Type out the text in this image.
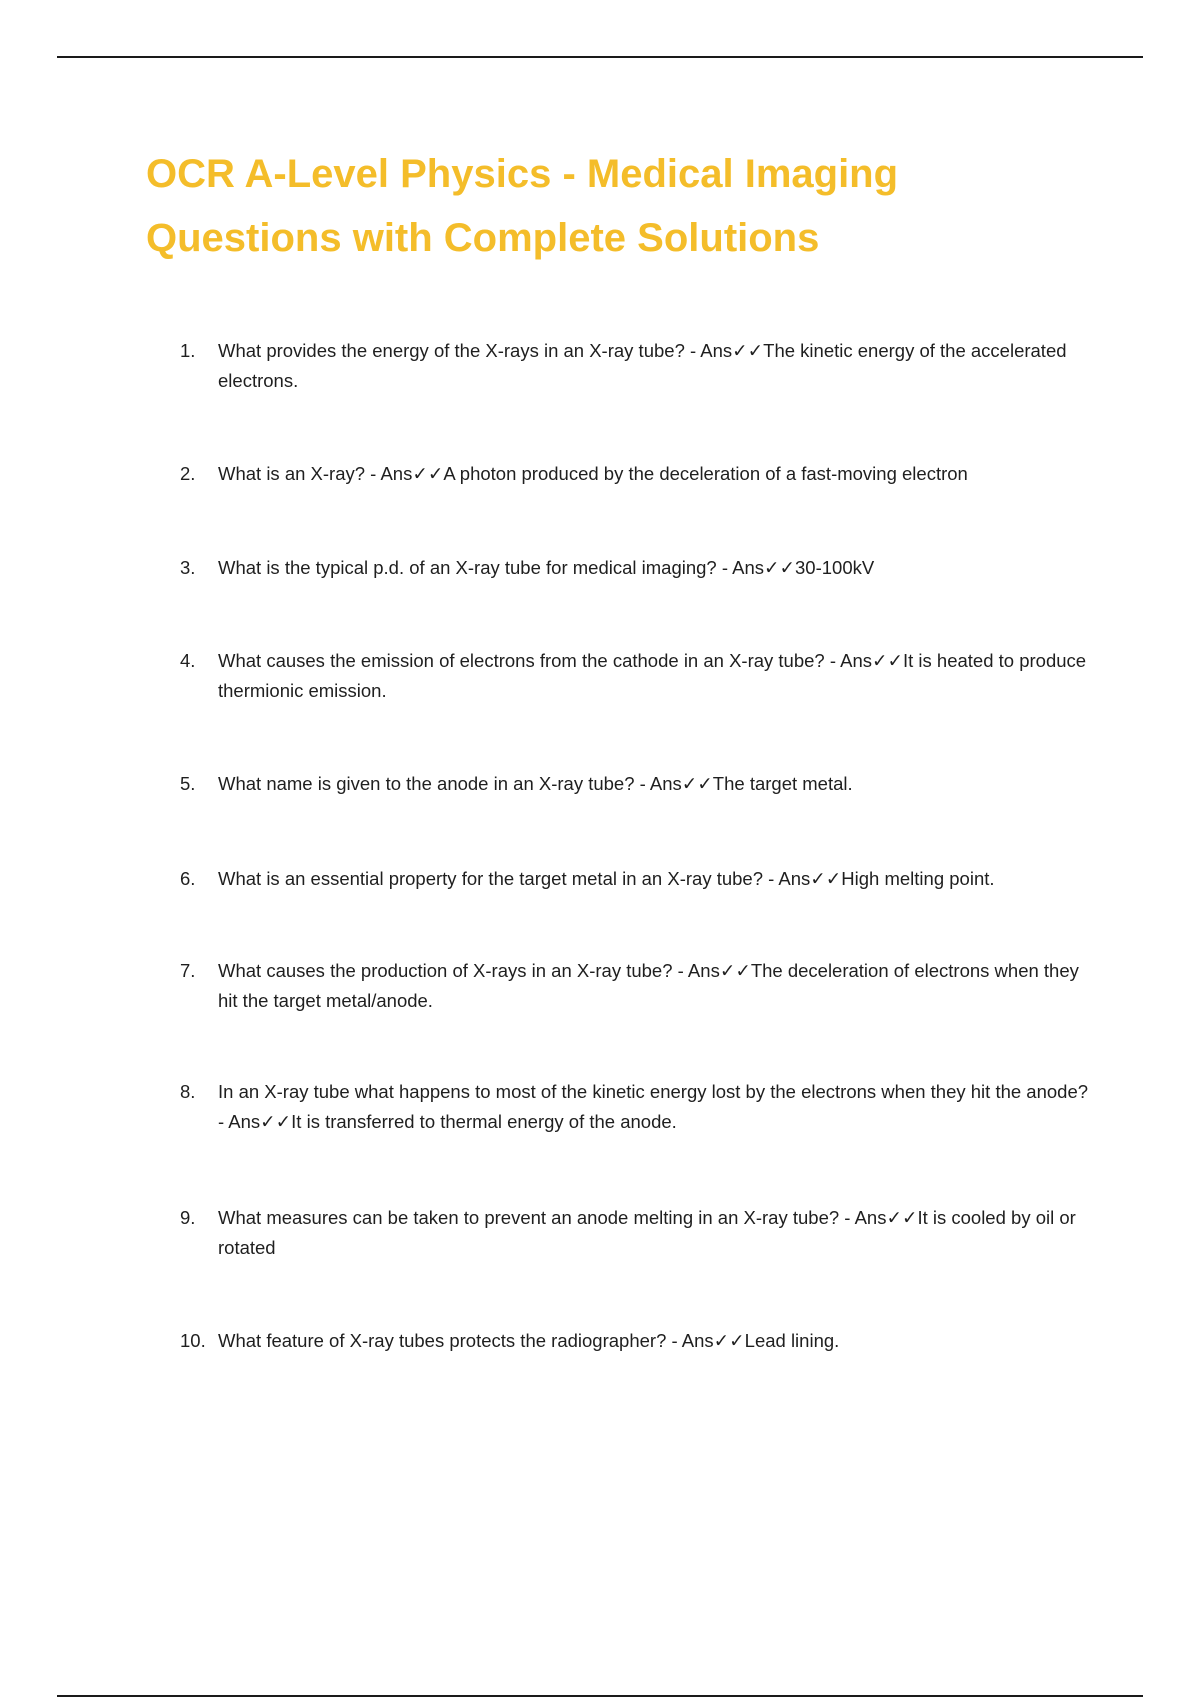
OCR A-Level Physics - Medical Imaging Questions with Complete Solutions
1.	What provides the energy of the X-rays in an X-ray tube? - Ans✓✓The kinetic energy of the accelerated electrons.
2.	What is an X-ray? - Ans✓✓A photon produced by the deceleration of a fast-moving electron
3.	What is the typical p.d. of an X-ray tube for medical imaging? - Ans✓✓30-100kV
4.	What causes the emission of electrons from the cathode in an X-ray tube? - Ans✓✓It is heated to produce thermionic emission.
5.	What name is given to the anode in an X-ray tube? - Ans✓✓The target metal.
6.	What is an essential property for the target metal in an X-ray tube? - Ans✓✓High melting point.
7.	What causes the production of X-rays in an X-ray tube? - Ans✓✓The deceleration of electrons when they hit the target metal/anode.
8.	In an X-ray tube what happens to most of the kinetic energy lost by the electrons when they hit the anode? - Ans✓✓It is transferred to thermal energy of the anode.
9.	What measures can be taken to prevent an anode melting in an X-ray tube? - Ans✓✓It is cooled by oil or rotated
10. What feature of X-ray tubes protects the radiographer? - Ans✓✓Lead lining.
